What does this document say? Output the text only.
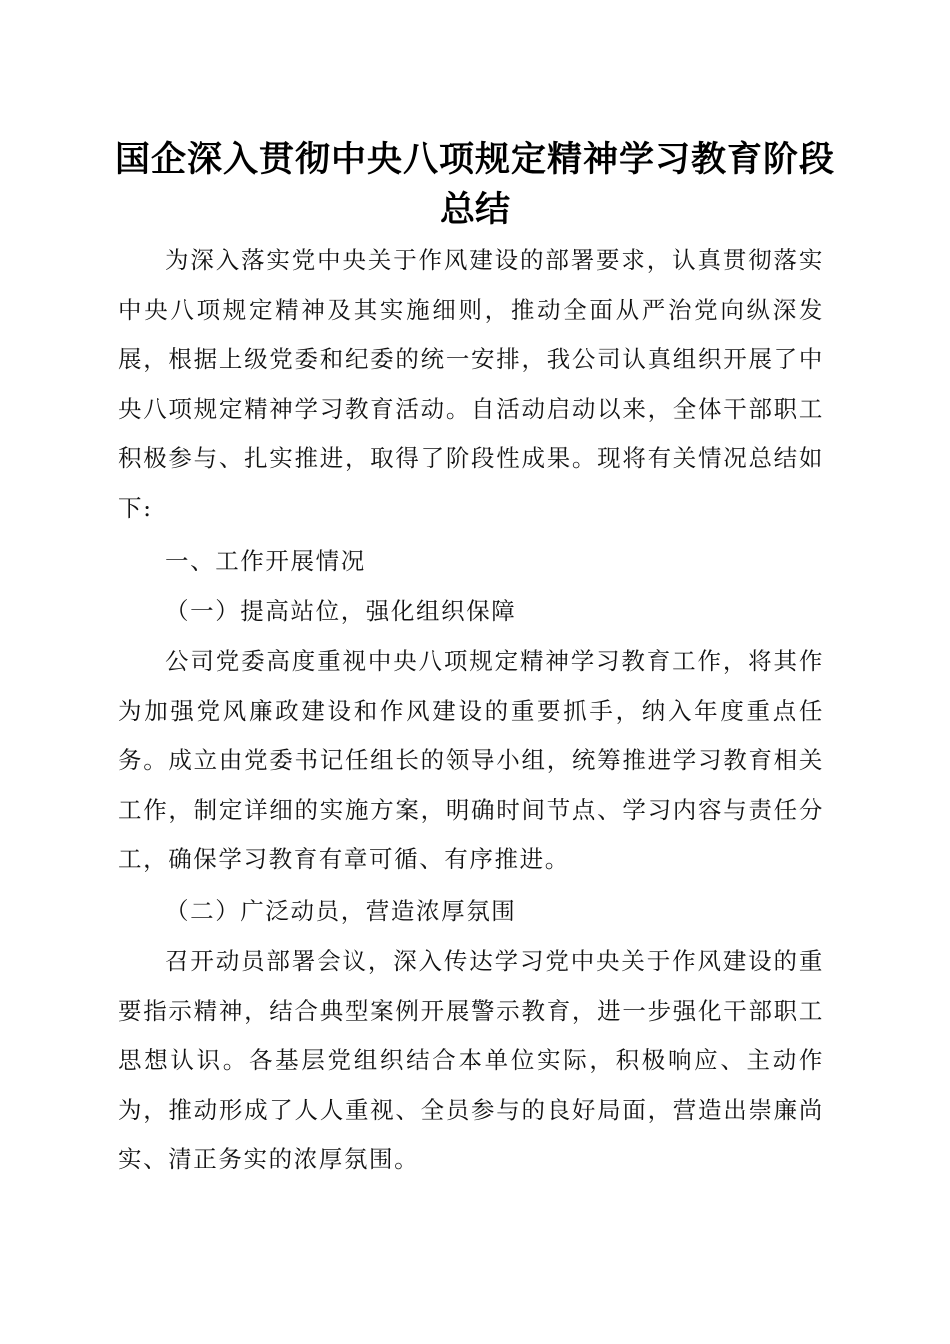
国企深入贯彻中央八项规定精神学习教育阶段
总结

为深入落实党中央关于作风建设的部署要求，认真贯彻落实中央八项规定精神及其实施细则，推动全面从严治党向纵深发展，根据上级党委和纪委的统一安排，我公司认真组织开展了中央八项规定精神学习教育活动。自活动启动以来，全体干部职工积极参与、扎实推进，取得了阶段性成果。现将有关情况总结如下:

一、工作开展情况

（一）提高站位，强化组织保障

公司党委高度重视中央八项规定精神学习教育工作，将其作为加强党风廉政建设和作风建设的重要抓手，纳入年度重点任务。成立由党委书记任组长的领导小组，统筹推进学习教育相关工作，制定详细的实施方案，明确时间节点、学习内容与责任分工，确保学习教育有章可循、有序推进。

（二）广泛动员，营造浓厚氛围

召开动员部署会议，深入传达学习党中央关于作风建设的重要指示精神，结合典型案例开展警示教育，进一步强化干部职工思想认识。各基层党组织结合本单位实际，积极响应、主动作为，推动形成了人人重视、全员参与的良好局面，营造出崇廉尚实、清正务实的浓厚氛围。
